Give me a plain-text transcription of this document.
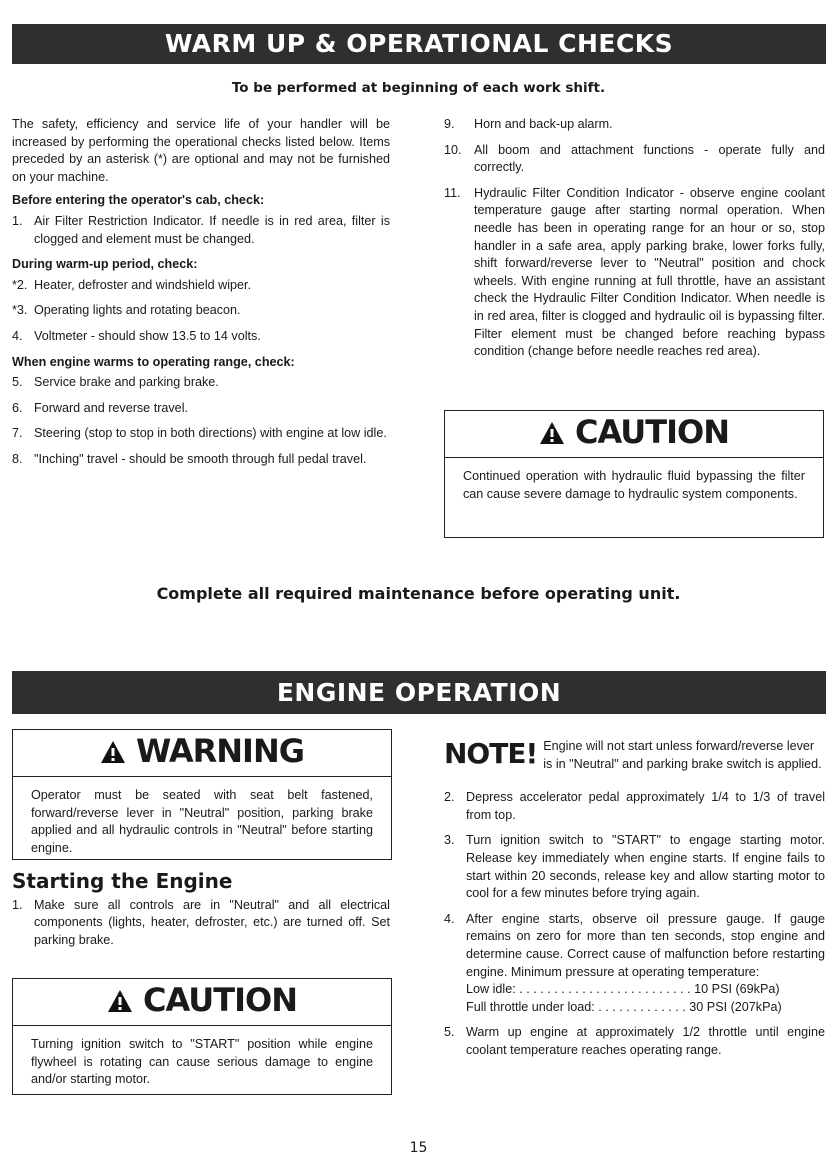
WARM UP & OPERATIONAL CHECKS
To be performed at beginning of each work shift.

The safety, efficiency and service life of your handler will be increased by performing the operational checks listed below. Items preceded by an asterisk (*) are optional and may not be furnished on your machine.

Before entering the operator's cab, check:
1. Air Filter Restriction Indicator. If needle is in red area, filter is clogged and element must be changed.
During warm-up period, check:
*2. Heater, defroster and windshield wiper.
*3. Operating lights and rotating beacon.
4. Voltmeter - should show 13.5 to 14 volts.
When engine warms to operating range, check:
5. Service brake and parking brake.
6. Forward and reverse travel.
7. Steering (stop to stop in both directions) with engine at low idle.
8. "Inching" travel - should be smooth through full pedal travel.
9.	Horn and back-up alarm.
10. All boom and attachment functions - operate fully and correctly.
11.	Hydraulic Filter Condition Indicator - observe engine coolant temperature gauge after starting normal operation. When needle has been in operating range for an hour or so, stop handler in a safe area, apply parking brake, lower forks fully, shift forward/reverse lever to "Neutral" position and chock wheels. With engine running at full throttle, have an assistant check the Hydraulic Filter Condition Indicator. When needle is in red area, filter is clogged and hydraulic oil is bypassing filter. Filter element must be changed before reaching bypass condition (change before needle reaches red area).
CAUTION
Continued operation with hydraulic fluid bypassing the filter can cause severe damage to hydraulic system components.
Complete all required maintenance before operating unit.
ENGINE OPERATION
WARNING
Operator must be seated with seat belt fastened, forward/reverse lever in "Neutral" position, parking brake applied and all hydraulic controls in "Neutral" before starting engine.
Starting the Engine
1. Make sure all controls are in "Neutral" and all electrical components (lights, heater, defroster, etc.) are turned off. Set parking brake.
CAUTION
Turning ignition switch to "START" position while engine flywheel is rotating can cause serious damage to engine and/or starting motor.
NOTE! Engine will not start unless forward/reverse lever is in "Neutral" and parking brake switch is applied.
2. Depress accelerator pedal approximately 1/4 to 1/3 of travel from top.
3. Turn ignition switch to "START" to engage starting motor. Release key immediately when engine starts. If engine fails to start within 20 seconds, release key and allow starting motor to cool for a few minutes before trying again.
4. After engine starts, observe oil pressure gauge. If gauge remains on zero for more than ten seconds, stop engine and determine cause. Correct cause of malfunction before restarting engine. Minimum pressure at operating temperature:
Low idle: . . . . . . . . . . . . . . . . . . . . . . . . . 10 PSI (69kPa)
Full throttle under load: . . . . . . . . . . . . . 30 PSI (207kPa)
5. Warm up engine at approximately 1/2 throttle until engine coolant temperature reaches operating range.
15
